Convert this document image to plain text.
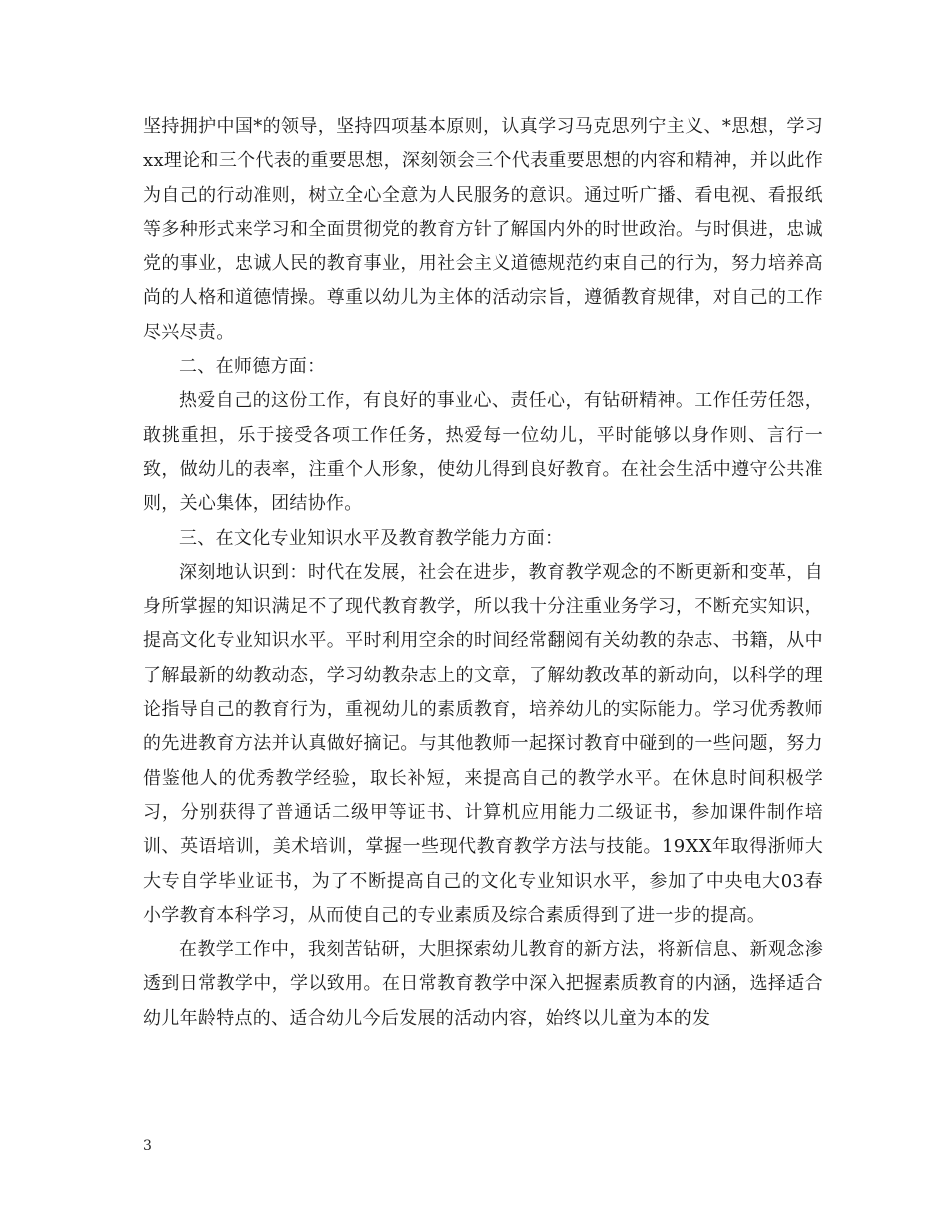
坚持拥护中国*的领导，坚持四项基本原则，认真学习马克思列宁主义、*思想，学习xx理论和三个代表的重要思想，深刻领会三个代表重要思想的内容和精神，并以此作为自己的行动准则，树立全心全意为人民服务的意识。通过听广播、看电视、看报纸等多种形式来学习和全面贯彻党的教育方针了解国内外的时世政治。与时俱进，忠诚党的事业，忠诚人民的教育事业，用社会主义道德规范约束自己的行为，努力培养高尚的人格和道德情操。尊重以幼儿为主体的活动宗旨，遵循教育规律，对自己的工作尽兴尽责。

二、在师德方面：

热爱自己的这份工作，有良好的事业心、责任心，有钻研精神。工作任劳任怨，敢挑重担，乐于接受各项工作任务，热爱每一位幼儿，平时能够以身作则、言行一致，做幼儿的表率，注重个人形象，使幼儿得到良好教育。在社会生活中遵守公共准则，关心集体，团结协作。

三、在文化专业知识水平及教育教学能力方面：

深刻地认识到：时代在发展，社会在进步，教育教学观念的不断更新和变革，自身所掌握的知识满足不了现代教育教学，所以我十分注重业务学习，不断充实知识，提高文化专业知识水平。平时利用空余的时间经常翻阅有关幼教的杂志、书籍，从中了解最新的幼教动态，学习幼教杂志上的文章，了解幼教改革的新动向，以科学的理论指导自己的教育行为，重视幼儿的素质教育，培养幼儿的实际能力。学习优秀教师的先进教育方法并认真做好摘记。与其他教师一起探讨教育中碰到的一些问题，努力借鉴他人的优秀教学经验，取长补短，来提高自己的教学水平。在休息时间积极学习，分别获得了普通话二级甲等证书、计算机应用能力二级证书，参加课件制作培训、英语培训，美术培训，掌握一些现代教育教学方法与技能。19XX年取得浙师大大专自学毕业证书，为了不断提高自己的文化专业知识水平，参加了中央电大03春小学教育本科学习，从而使自己的专业素质及综合素质得到了进一步的提高。

在教学工作中，我刻苦钻研，大胆探索幼儿教育的新方法，将新信息、新观念渗透到日常教学中，学以致用。在日常教育教学中深入把握素质教育的内涵，选择适合幼儿年龄特点的、适合幼儿今后发展的活动内容，始终以儿童为本的发

3
